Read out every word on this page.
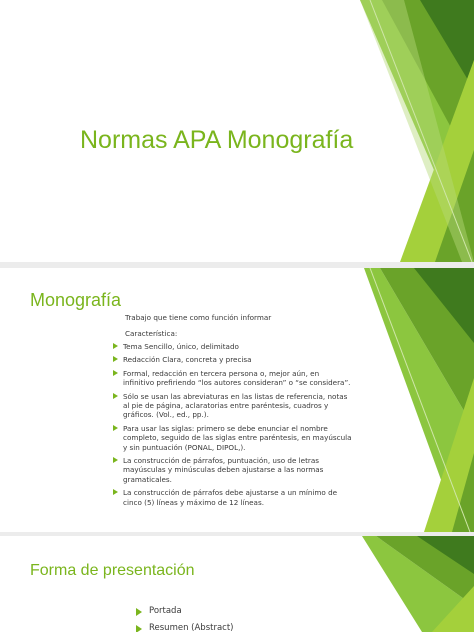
Normas APA Monografía
Monografía
Trabajo que tiene como función informar
Característica:
Tema Sencillo, único, delimitado
Redacción Clara, concreta y precisa
Formal, redacción en tercera persona o, mejor aún, en infinitivo prefiriendo “los autores consideran” o “se considera”.
Sólo se usan las abreviaturas en las listas de referencia, notas al pie de página, aclaratorias entre paréntesis, cuadros y gráficos. (Vol., ed., pp.).
Para usar las siglas: primero se debe enunciar el nombre completo, seguido de las siglas entre paréntesis, en mayúscula y sin puntuación (PONAL, DIPOL,).
La construcción de párrafos, puntuación, uso de letras mayúsculas y minúsculas deben ajustarse a las normas gramaticales.
La construcción de párrafos debe ajustarse a un mínimo de cinco (5) líneas y máximo de 12 líneas.
Forma de presentación
Portada
Resumen (Abstract)
